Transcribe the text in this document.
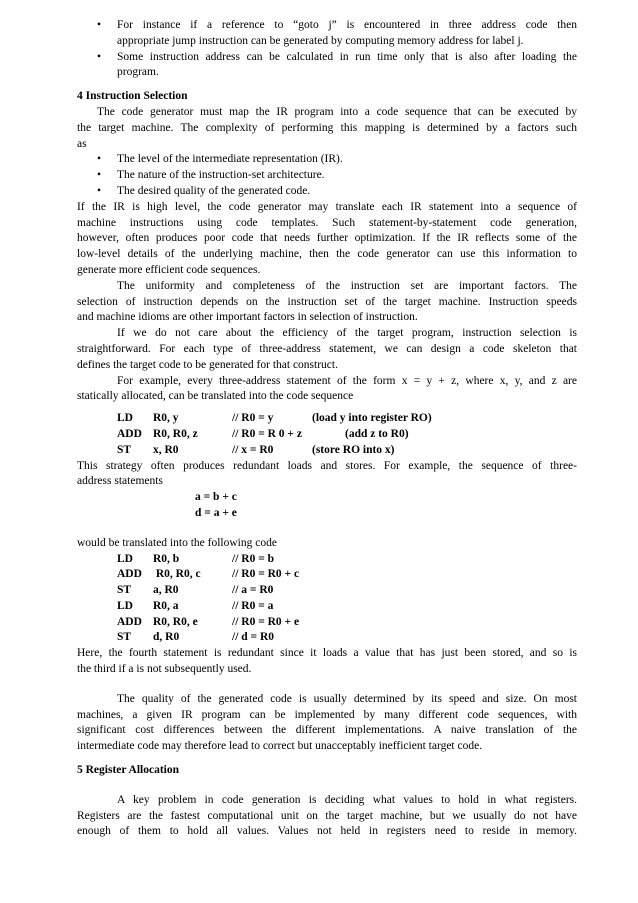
• For instance if a reference to “goto j” is encountered in three address code then
appropriate jump instruction can be generated by computing memory address for label j.
• Some instruction address can be calculated in run time only that is also after loading the
program.
4 Instruction Selection
The code generator must map the IR program into a code sequence that can be executed by
the target machine. The complexity of performing this mapping is determined by a factors such
as
• The level of the intermediate representation (IR).
• The nature of the instruction-set architecture.
• The desired quality of the generated code.
If the IR is high level, the code generator may translate each IR statement into a sequence of
machine instructions using code templates. Such statement-by-statement code generation,
however, often produces poor code that needs further optimization. If the IR reflects some of the
low-level details of the underlying machine, then the code generator can use this information to
generate more efficient code sequences.
The uniformity and completeness of the instruction set are important factors. The
selection of instruction depends on the instruction set of the target machine. Instruction speeds
and machine idioms are other important factors in selection of instruction.
If we do not care about the efficiency of the target program, instruction selection is
straightforward. For each type of three-address statement, we can design a code skeleton that
defines the target code to be generated for that construct.
For example, every three-address statement of the form x = y + z, where x, y, and z are
statically allocated, can be translated into the code sequence
LD R0, y	// R0 = y	(load y into register RO)
ADD R0, R0, z	// R0 = R 0 + z	(add z to R0)
ST x, R0	// x = R0	(store RO into x)
This strategy often produces redundant loads and stores. For example, the sequence of three-
address statements
a = b + c
d = a + e
would be translated into the following code
LD R0, b	// R0 = b
ADD R0, R0, c	// R0 = R0 + c
ST a, R0	// a = R0
LD R0, a	// R0 = a
ADD R0, R0, e	// R0 = R0 + e
ST d, R0	// d = R0
Here, the fourth statement is redundant since it loads a value that has just been stored, and so is
the third if a is not subsequently used.
The quality of the generated code is usually determined by its speed and size. On most
machines, a given IR program can be implemented by many different code sequences, with
significant cost differences between the different implementations. A naive translation of the
intermediate code may therefore lead to correct but unacceptably inefficient target code.
5 Register Allocation
A key problem in code generation is deciding what values to hold in what registers.
Registers are the fastest computational unit on the target machine, but we usually do not have
enough of them to hold all values. Values not held in registers need to reside in memory.
